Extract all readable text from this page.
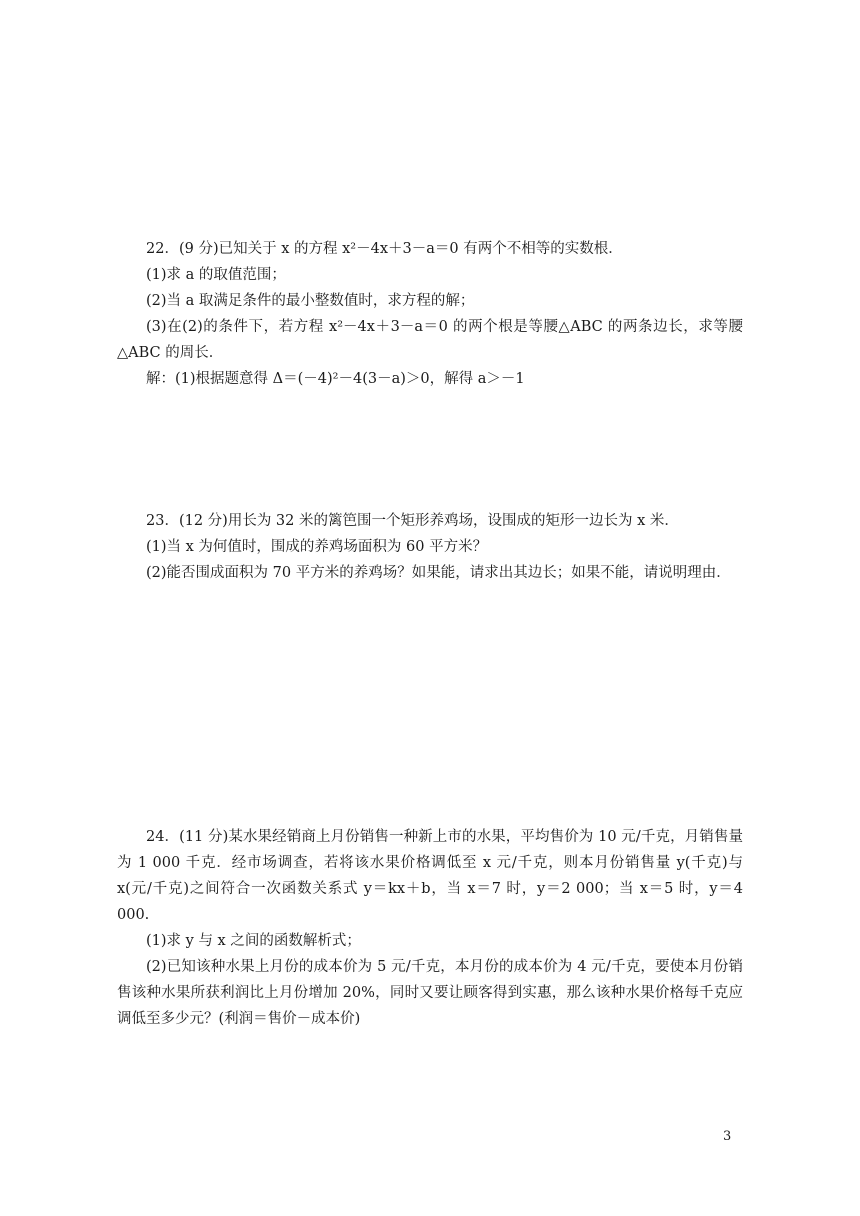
22．(9 分)已知关于 x 的方程 x²－4x＋3－a＝0 有两个不相等的实数根．
(1)求 a 的取值范围；
(2)当 a 取满足条件的最小整数值时，求方程的解；
(3)在(2)的条件下，若方程 x²－4x＋3－a＝0 的两个根是等腰△ABC 的两条边长，求等腰△ABC 的周长．
解：(1)根据题意得 Δ＝(－4)²－4(3－a)＞0，解得 a＞－1
23．(12 分)用长为 32 米的篱笆围一个矩形养鸡场，设围成的矩形一边长为 x 米．
(1)当 x 为何值时，围成的养鸡场面积为 60 平方米？
(2)能否围成面积为 70 平方米的养鸡场？如果能，请求出其边长；如果不能，请说明理由．
24．(11 分)某水果经销商上月份销售一种新上市的水果，平均售价为 10 元/千克，月销售量为 1 000 千克．经市场调查，若将该水果价格调低至 x 元/千克，则本月份销售量 y(千克)与 x(元/千克)之间符合一次函数关系式 y＝kx＋b，当 x＝7 时，y＝2 000；当 x＝5 时，y＝4 000.
(1)求 y 与 x 之间的函数解析式；
(2)已知该种水果上月份的成本价为 5 元/千克，本月份的成本价为 4 元/千克，要使本月份销售该种水果所获利润比上月份增加 20%，同时又要让顾客得到实惠，那么该种水果价格每千克应调低至多少元？(利润＝售价－成本价)
3
